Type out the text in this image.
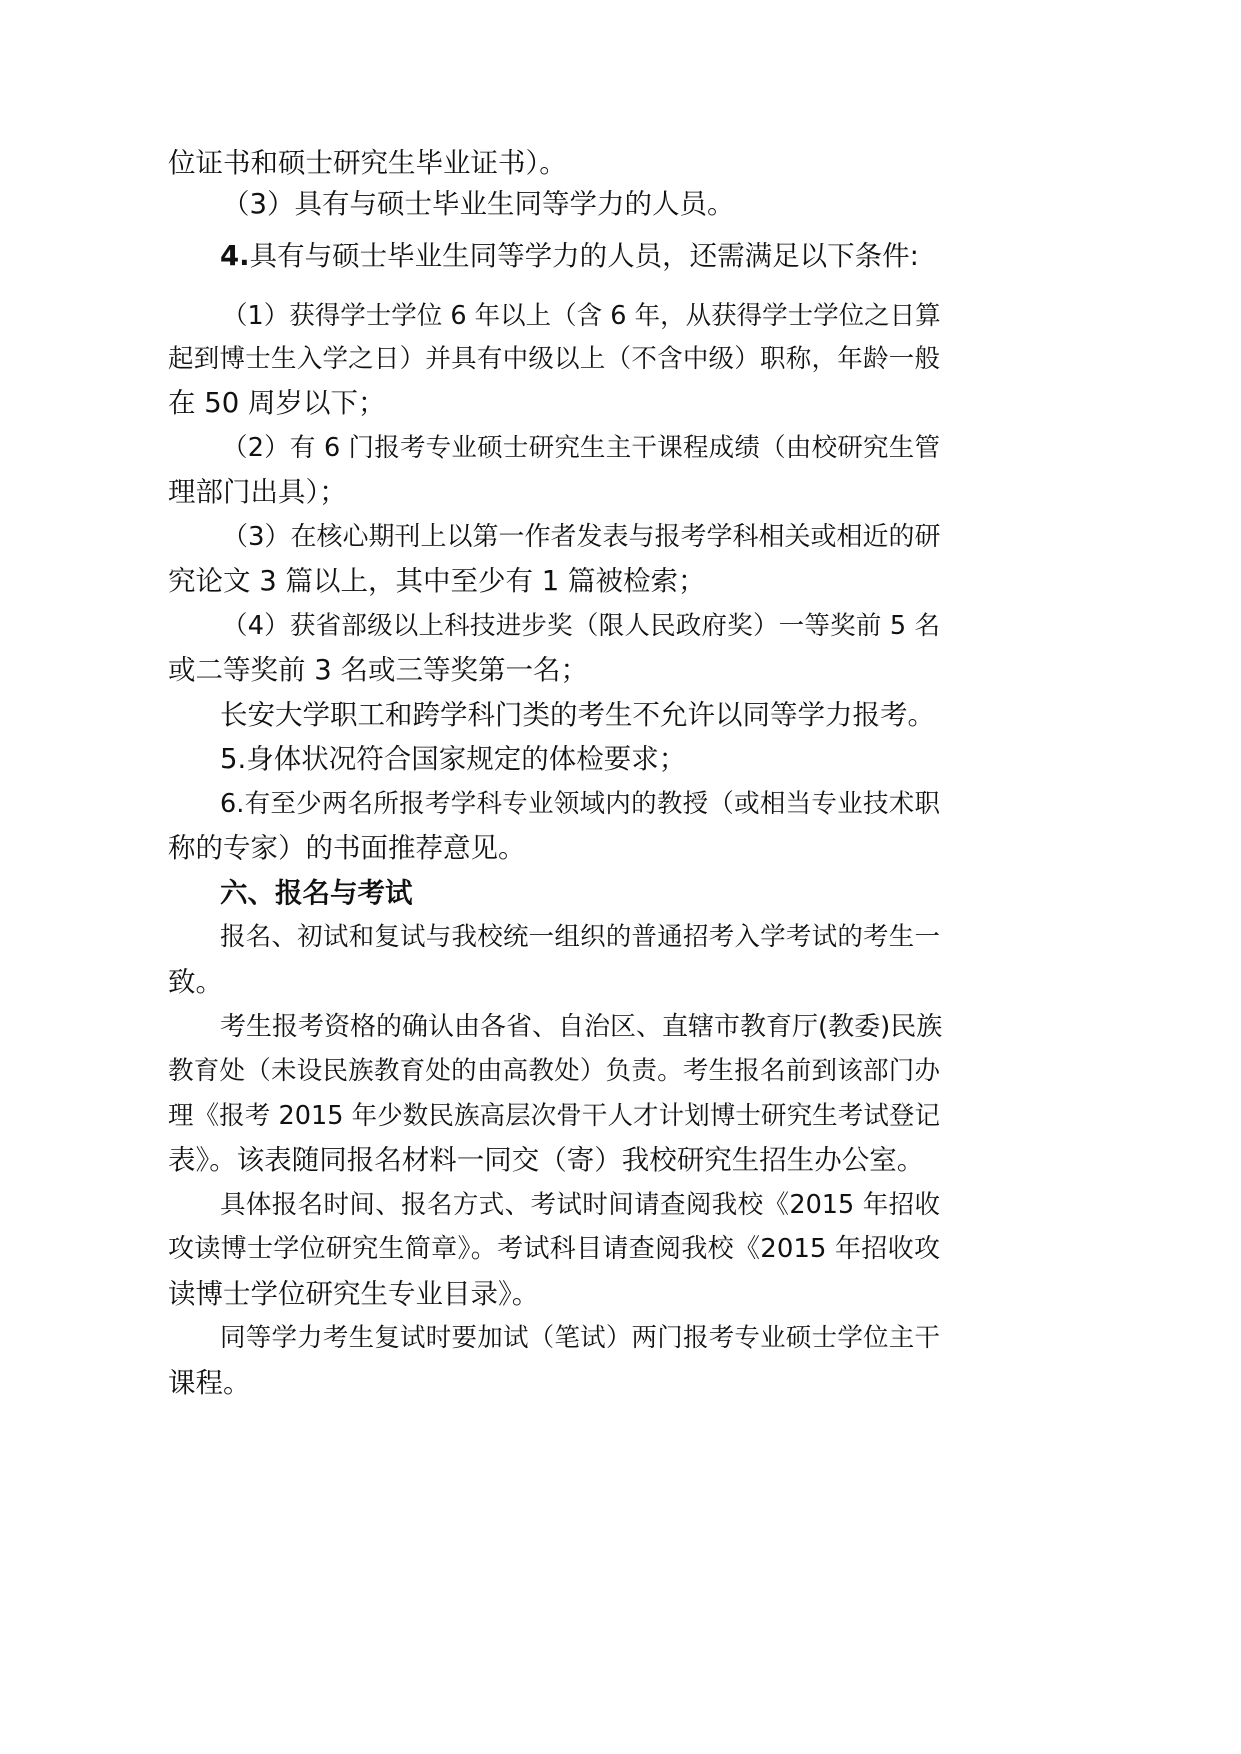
位证书和硕士研究生毕业证书）。
（3）具有与硕士毕业生同等学力的人员。
4.具有与硕士毕业生同等学力的人员，还需满足以下条件:
（1）获得学士学位 6 年以上（含 6 年，从获得学士学位之日算
起到博士生入学之日）并具有中级以上（不含中级）职称，年龄一般
在 50 周岁以下；
（2）有 6 门报考专业硕士研究生主干课程成绩（由校研究生管
理部门出具）；
（3）在核心期刊上以第一作者发表与报考学科相关或相近的研
究论文 3 篇以上，其中至少有 1 篇被检索；
（4）获省部级以上科技进步奖（限人民政府奖）一等奖前 5 名
或二等奖前 3 名或三等奖第一名；
长安大学职工和跨学科门类的考生不允许以同等学力报考。
5.身体状况符合国家规定的体检要求；
6.有至少两名所报考学科专业领域内的教授（或相当专业技术职
称的专家）的书面推荐意见。
六、报名与考试
报名、初试和复试与我校统一组织的普通招考入学考试的考生一
致。
考生报考资格的确认由各省、自治区、直辖市教育厅(教委)民族
教育处（未设民族教育处的由高教处）负责。考生报名前到该部门办
理《报考 2015 年少数民族高层次骨干人才计划博士研究生考试登记
表》。该表随同报名材料一同交（寄）我校研究生招生办公室。
具体报名时间、报名方式、考试时间请查阅我校《2015 年招收
攻读博士学位研究生简章》。考试科目请查阅我校《2015 年招收攻
读博士学位研究生专业目录》。
同等学力考生复试时要加试（笔试）两门报考专业硕士学位主干
课程。
